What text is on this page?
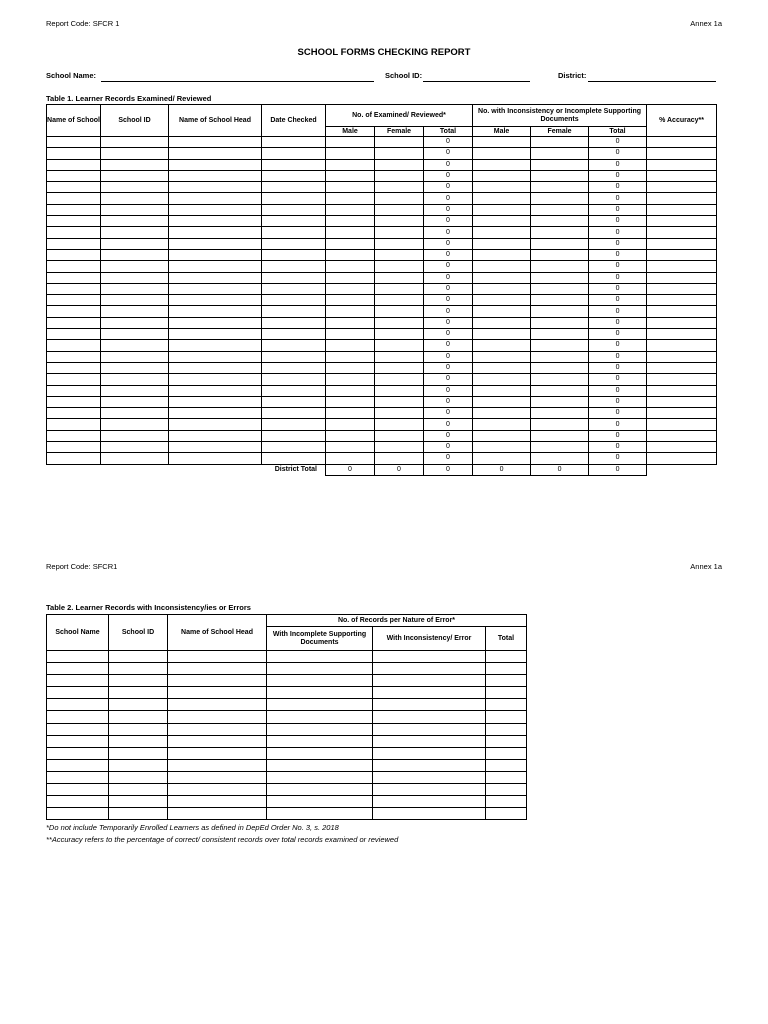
Report Code: SFCR 1	Annex 1a
SCHOOL FORMS CHECKING REPORT
School Name:	School ID:	District:
Table 1. Learner Records Examined/ Reviewed
Name of School	School ID	Name of School Head	Date Checked	No. of Examined/ Reviewed*			No. with Inconsistency or Incomplete Supporting Documents			% Accuracy**
				Male	Female	Total	Male	Female	Total	
						0			0	
						0			0	
						0			0	
						0			0	
						0			0	
						0			0	
						0			0	
						0			0	
						0			0	
						0			0	
						0			0	
						0			0	
						0			0	
						0			0	
						0			0	
						0			0	
						0			0	
						0			0	
						0			0	
						0			0	
						0			0	
						0			0	
						0			0	
						0			0	
						0			0	
						0			0	
						0			0	
						0			0	
						0			0	
District Total				0	0	0	0	0	0	
Report Code: SFCR1	Annex 1a
Table 2. Learner Records with Inconsistency/ies or Errors
School Name	School ID	Name of School Head	No. of Records per Nature of Error*		
			With Incomplete Supporting Documents	With Inconsistency/ Error	Total

*Do not include Temporarily Enrolled Learners as defined in DepEd Order No. 3, s. 2018
**Accuracy refers to the percentage of correct/ consistent records over total records examined or reviewed
